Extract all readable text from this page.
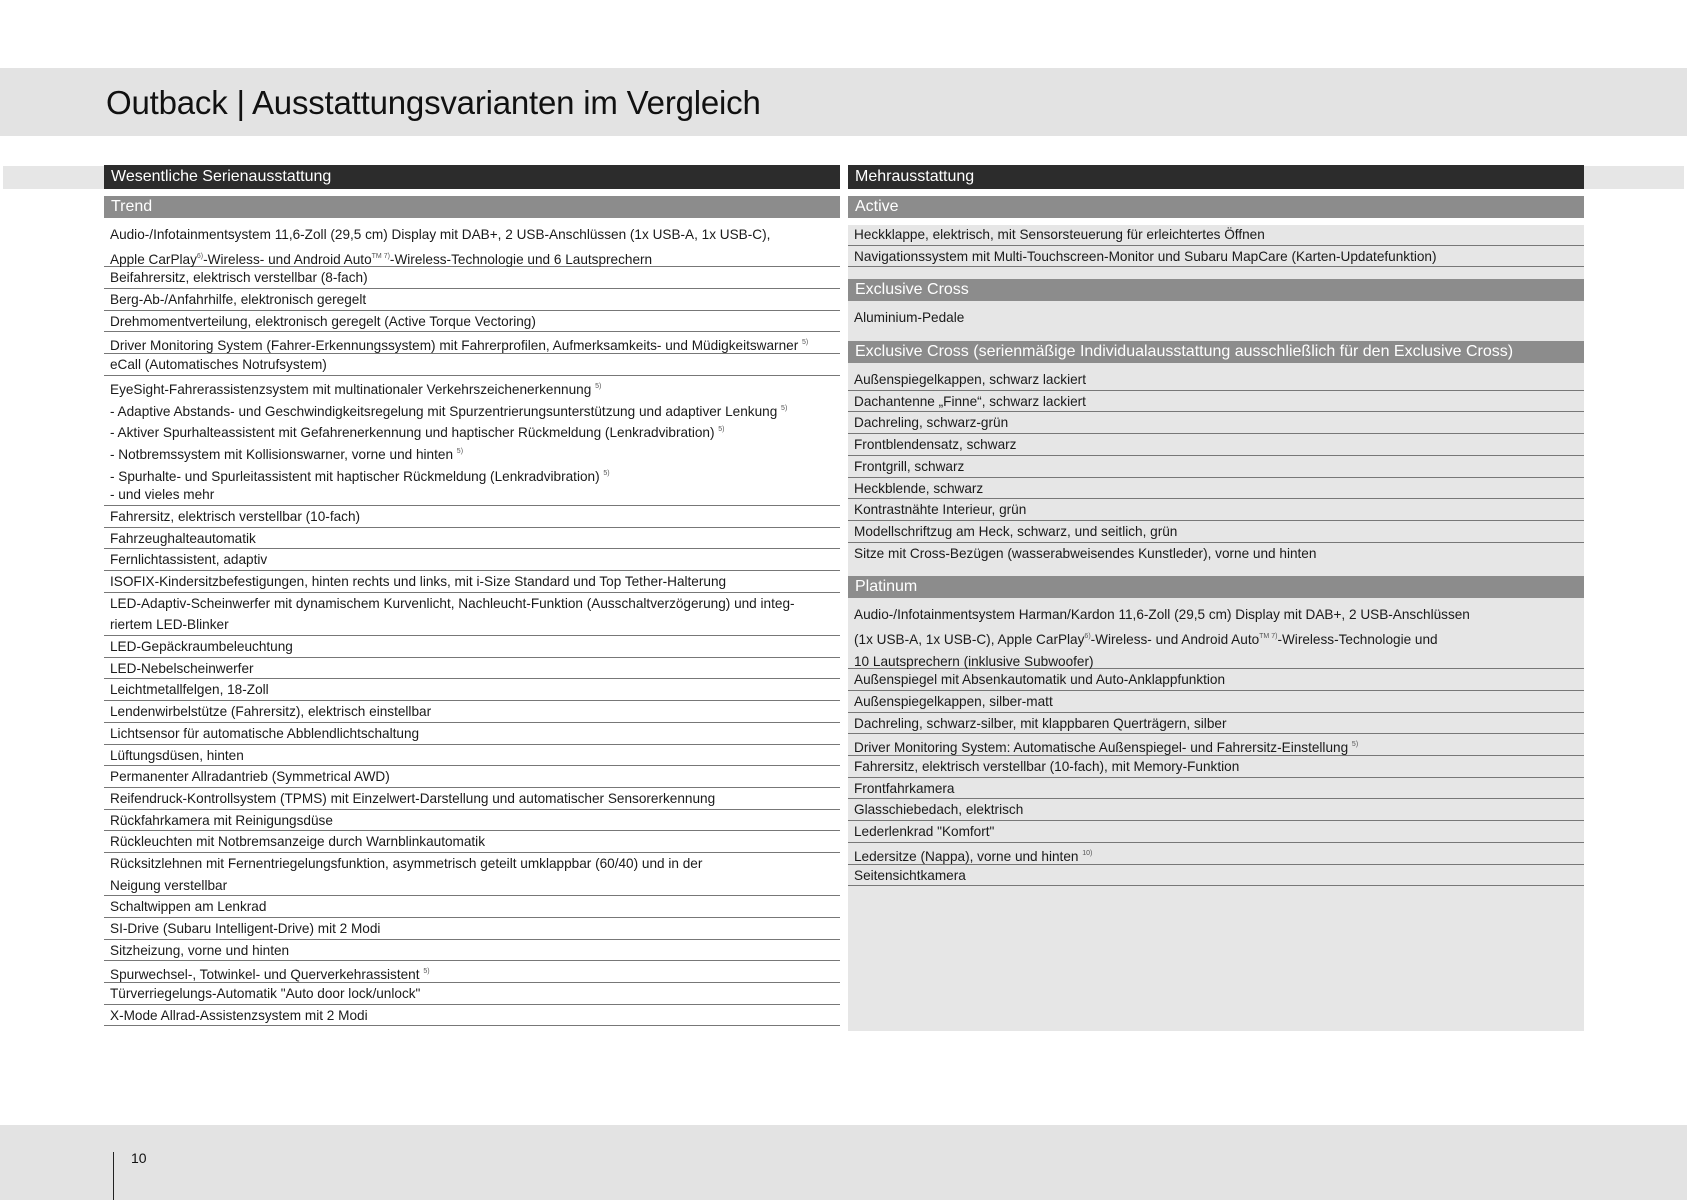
Outback | Ausstattungsvarianten im Vergleich
Wesentliche Serienausstattung
Trend
Audio-/Infotainmentsystem 11,6-Zoll (29,5 cm) Display mit DAB+, 2 USB-Anschlüssen (1x USB-A, 1x USB-C),
Apple CarPlay$^{6)}$-Wireless- und Android Auto$^{TM 7)}$-Wireless-Technologie und 6 Lautsprechern
Beifahrersitz, elektrisch verstellbar (8-fach)
Berg-Ab-/Anfahrhilfe, elektronisch geregelt
Drehmomentverteilung, elektronisch geregelt (Active Torque Vectoring)
Driver Monitoring System (Fahrer-Erkennungssystem) mit Fahrerprofilen, Aufmerksamkeits- und Müdigkeitswarner $^{5)}$
eCall (Automatisches Notrufsystem)
EyeSight-Fahrerassistenzsystem mit multinationaler Verkehrszeichenerkennung $^{5)}$
- Adaptive Abstands- und Geschwindigkeitsregelung mit Spurzentrierungsunterstützung und adaptiver Lenkung $^{5)}$
- Aktiver Spurhalteassistent mit Gefahrenerkennung und haptischer Rückmeldung (Lenkradvibration) $^{5)}$
- Notbremssystem mit Kollisionswarner, vorne und hinten $^{5)}$
- Spurhalte- und Spurleitassistent mit haptischer Rückmeldung (Lenkradvibration) $^{5)}$
- und vieles mehr
Fahrersitz, elektrisch verstellbar (10-fach)
Fahrzeughalteautomatik
Fernlichtassistent, adaptiv
ISOFIX-Kindersitzbefestigungen, hinten rechts und links, mit i-Size Standard und Top Tether-Halterung
LED-Adaptiv-Scheinwerfer mit dynamischem Kurvenlicht, Nachleucht-Funktion (Ausschaltverzögerung) und integ-
riertem LED-Blinker
LED-Gepäckraumbeleuchtung
LED-Nebelscheinwerfer
Leichtmetallfelgen, 18-Zoll
Lendenwirbelstütze (Fahrersitz), elektrisch einstellbar
Lichtsensor für automatische Abblendlichtschaltung
Lüftungsdüsen, hinten
Permanenter Allradantrieb (Symmetrical AWD)
Reifendruck-Kontrollsystem (TPMS) mit Einzelwert-Darstellung und automatischer Sensorerkennung
Rückfahrkamera mit Reinigungsdüse
Rückleuchten mit Notbremsanzeige durch Warnblinkautomatik
Rücksitzlehnen mit Fernentriegelungsfunktion, asymmetrisch geteilt umklappbar (60/40) und in der
Neigung verstellbar
Schaltwippen am Lenkrad
SI-Drive (Subaru Intelligent-Drive) mit 2 Modi
Sitzheizung, vorne und hinten
Spurwechsel-, Totwinkel- und Querverkehrassistent $^{5)}$
Türverriegelungs-Automatik "Auto door lock/unlock"
X-Mode Allrad-Assistenzsystem mit 2 Modi
Mehrausstattung
Active
Heckklappe, elektrisch, mit Sensorsteuerung für erleichtertes Öffnen
Navigationssystem mit Multi-Touchscreen-Monitor und Subaru MapCare (Karten-Updatefunktion)
Exclusive Cross
Aluminium-Pedale
Exclusive Cross (serienmäßige Individualausstattung ausschließlich für den Exclusive Cross)
Außenspiegelkappen, schwarz lackiert
Dachantenne „Finne“, schwarz lackiert
Dachreling, schwarz-grün
Frontblendensatz, schwarz
Frontgrill, schwarz
Heckblende, schwarz
Kontrastnähte Interieur, grün
Modellschriftzug am Heck, schwarz, und seitlich, grün
Sitze mit Cross-Bezügen (wasserabweisendes Kunstleder), vorne und hinten
Platinum
Audio-/Infotainmentsystem Harman/Kardon 11,6-Zoll (29,5 cm) Display mit DAB+, 2 USB-Anschlüssen
(1x USB-A, 1x USB-C), Apple CarPlay$^{6)}$-Wireless- und Android Auto$^{TM 7)}$-Wireless-Technologie und
10 Lautsprechern (inklusive Subwoofer)
Außenspiegel mit Absenkautomatik und Auto-Anklappfunktion
Außenspiegelkappen, silber-matt
Dachreling, schwarz-silber, mit klappbaren Querträgern, silber
Driver Monitoring System: Automatische Außenspiegel- und Fahrersitz-Einstellung $^{5)}$
Fahrersitz, elektrisch verstellbar (10-fach), mit Memory-Funktion
Frontfahrkamera
Glasschiebedach, elektrisch
Lederlenkrad "Komfort"
Ledersitze (Nappa), vorne und hinten $^{10)}$
Seitensichtkamera
10
